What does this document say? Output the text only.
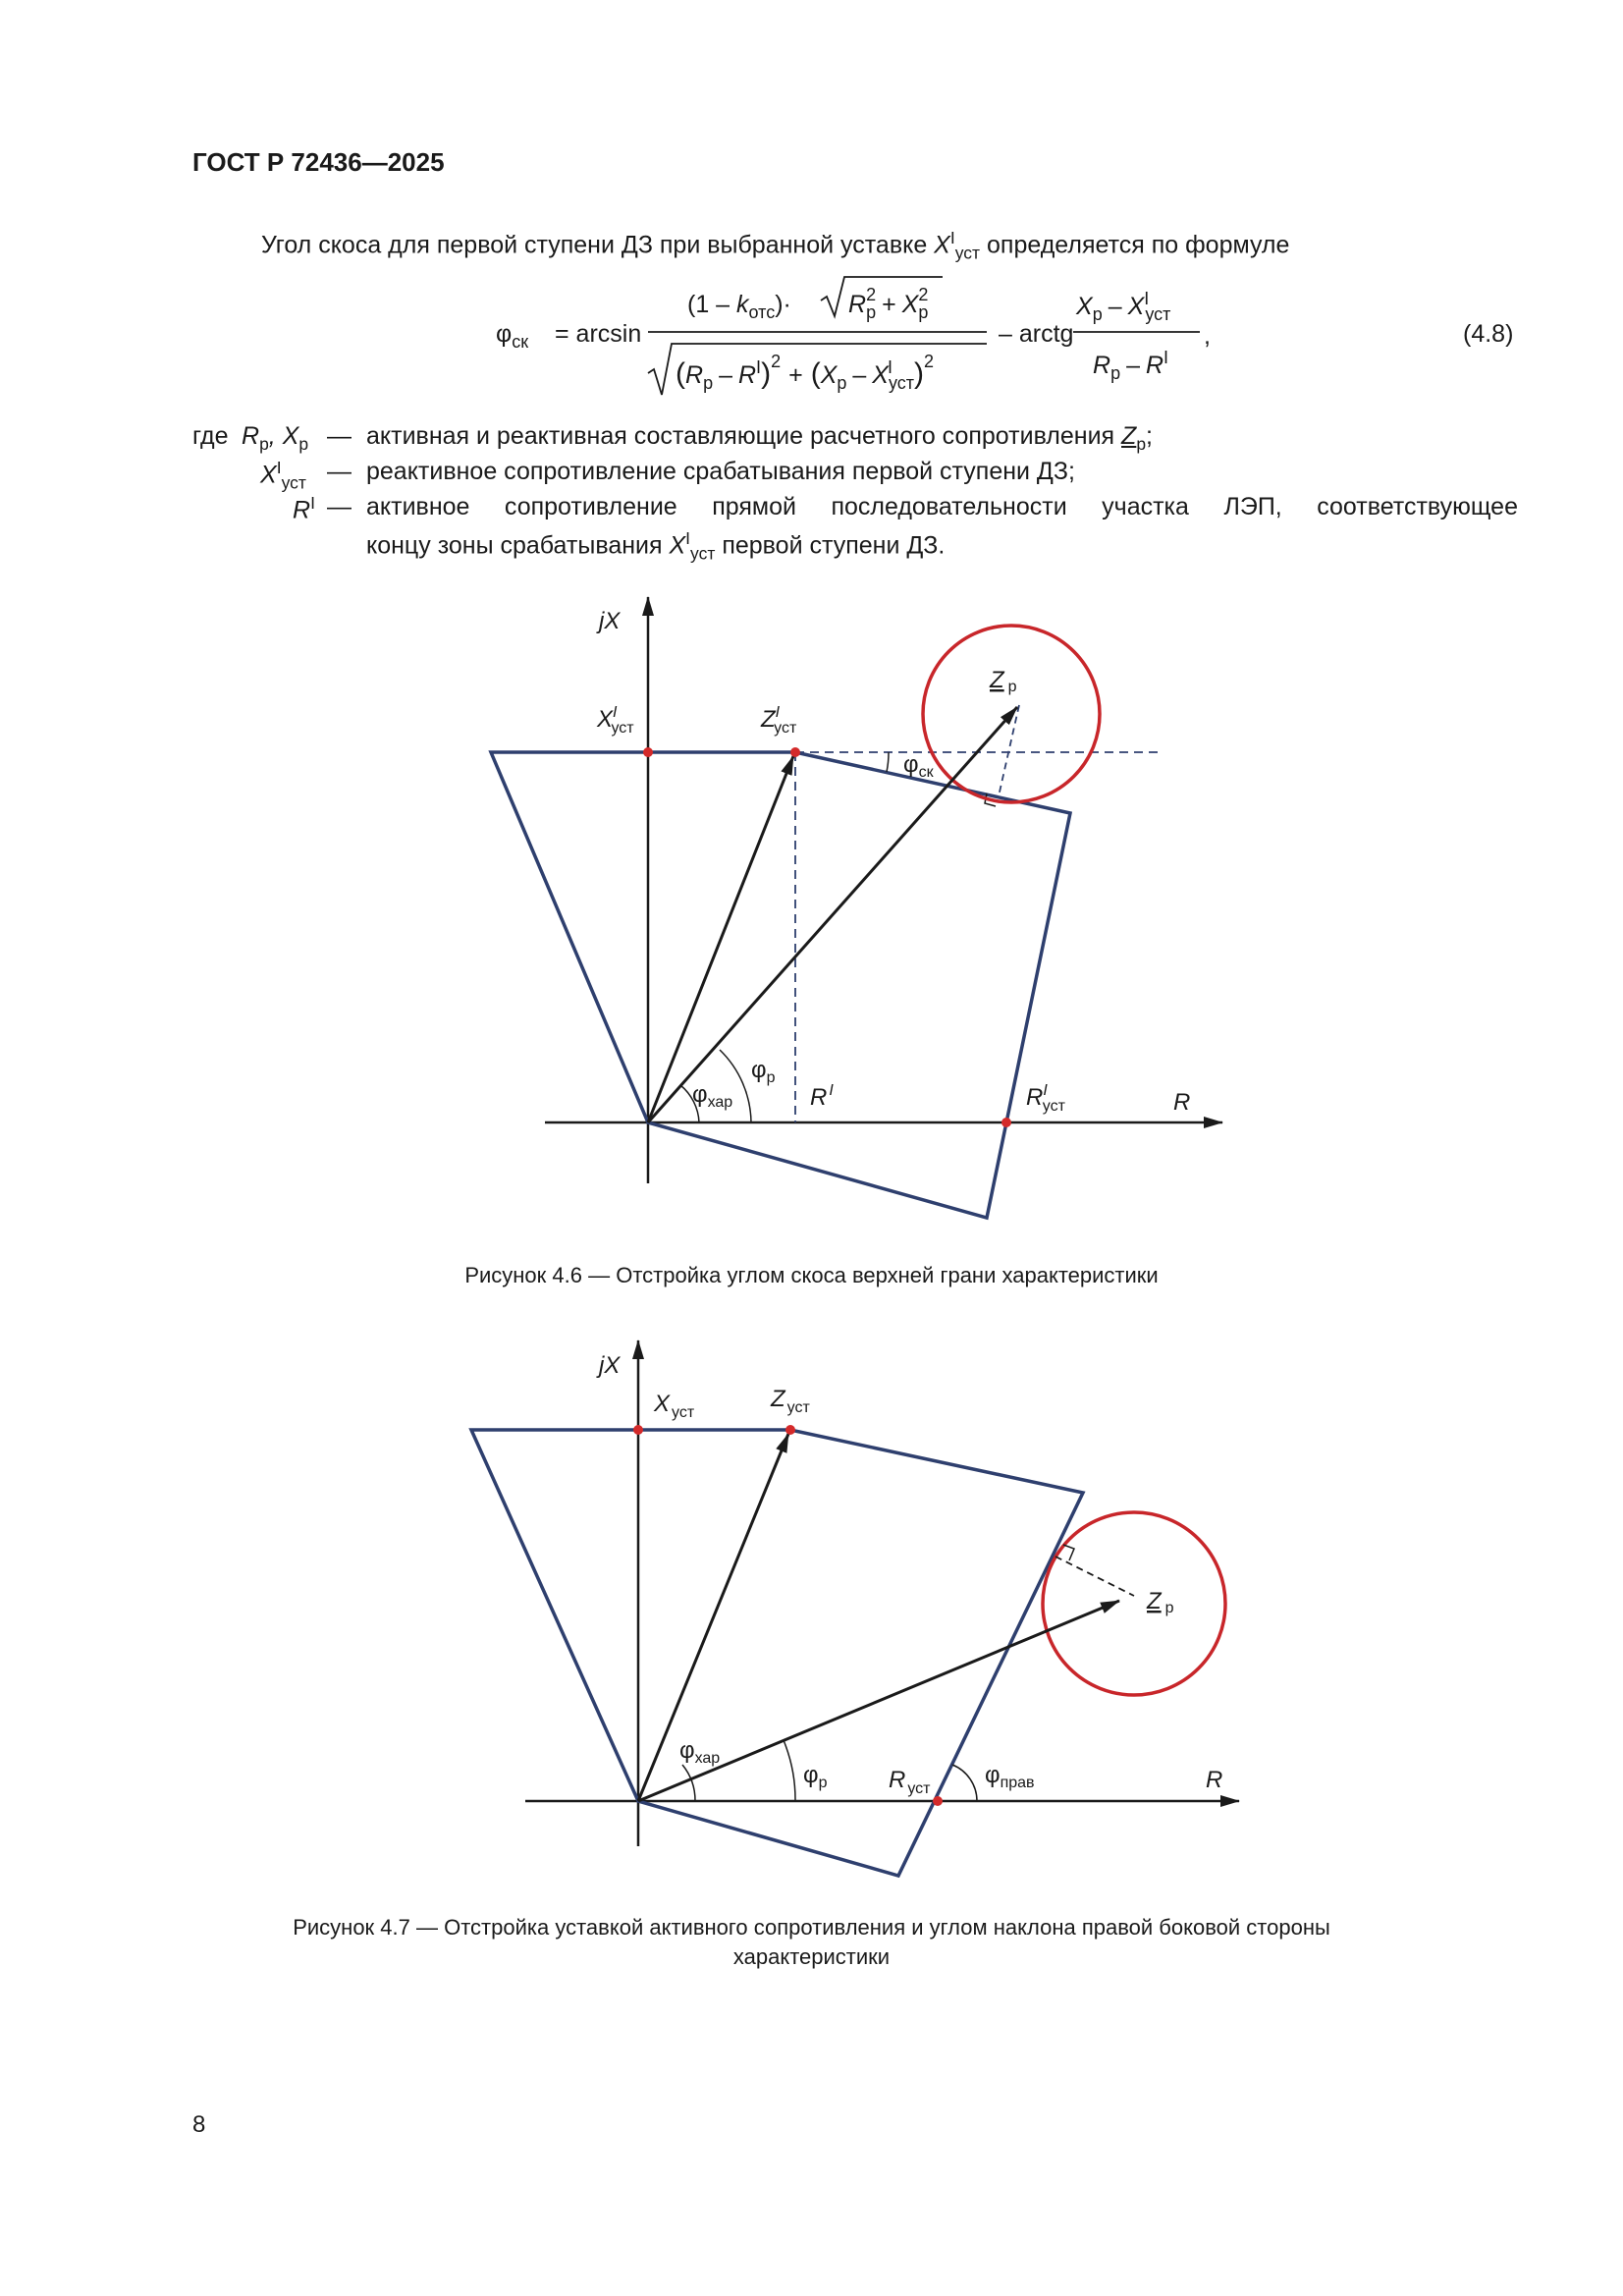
ГОСТ Р 72436—2025
Угол скоса для первой ступени ДЗ при выбранной уставке $X^I_{уст}$ определяется по формуле
$\varphi_{ск} = \arcsin$
$(1 - k_{отс})\cdot R_р2 + X_р2$
$(R_р - R^I)^2 + (X_р$ – XI уст)$^2$
– arctg
$X_р - X^I$ уст
$R_р - R^I$
,	(4.8)
где $R_р$, $X_р$ — активная и реактивная составляющие расчетного сопротивления $Z_р$;
$X^I_{уст}$ — реактивное сопротивление срабатывания первой ступени ДЗ;
$R^I$ — активное сопротивление прямой последовательности участка ЛЭП, соответствующее
концу зоны срабатывания $X^I_{уст}$ первой ступени ДЗ.
jX
R
$X^I$ уст	$Z^I$ уст
Zр
$\varphi_{ск}$
$\varphi_р$
$\varphi_{хар}$	R $^I$	$R^I$ уст
Рисунок 4.6 — Отстройка углом скоса верхней грани характеристики
jX
R
X $_{уст}$
Z $_{уст}$
Zр
$\varphi_{хар}$
$\varphi_р$	R $_{уст}$
$\varphi_{прав}$
Рисунок 4.7 — Отстройка уставкой активного сопротивления и углом наклона правой боковой стороны
характеристики
8
